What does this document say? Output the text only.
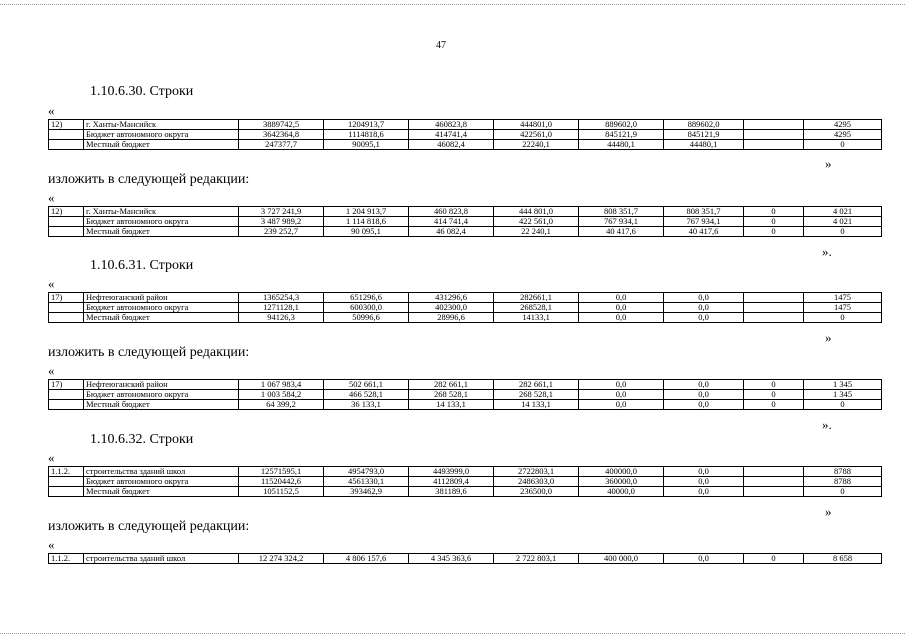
47
1.10.6.30. Строки
«
12)	г. Ханты-Мансийск	3889742,5	1204913,7	460823,8	444801,0	889602,0	889602,0		4295
	Бюджет автономного округа	3642364,8	1114818,6	414741,4	422561,0	845121,9	845121,9		4295
	Местный бюджет	247377,7	90095,1	46082,4	22240,1	44480,1	44480,1		0
»
изложить в следующей редакции:
«
12)	г. Ханты-Мансийск	3 727 241,9	1 204 913,7	460 823,8	444 801,0	808 351,7	808 351,7	0	4 021
	Бюджет автономного округа	3 487 989,2	1 114 818,6	414 741,4	422 561,0	767 934,1	767 934,1	0	4 021
	Местный бюджет	239 252,7	90 095,1	46 082,4	22 240,1	40 417,6	40 417,6	0	0
».
1.10.6.31. Строки
«
17)	Нефтеюганский район	1365254,3	651296,6	431296,6	282661,1	0,0	0,0		1475
	Бюджет автономного округа	1271128,1	600300,0	402300,0	268528,1	0,0	0,0		1475
	Местный бюджет	94126,3	50996,6	28996,6	14133,1	0,0	0,0		0
»
изложить в следующей редакции:
«
17)	Нефтеюганский район	1 067 983,4	502 661,1	282 661,1	282 661,1	0,0	0,0	0	1 345
	Бюджет автономного округа	1 003 584,2	466 528,1	268 528,1	268 528,1	0,0	0,0	0	1 345
	Местный бюджет	64 399,2	36 133,1	14 133,1	14 133,1	0,0	0,0	0	0
».
1.10.6.32. Строки
«
1.1.2.	строительства зданий школ	12571595,1	4954793,0	4493999,0	2722803,1	400000,0	0,0		8788
	Бюджет автономного округа	11520442,6	4561330,1	4112809,4	2486303,0	360000,0	0,0		8788
	Местный бюджет	1051152,5	393462,9	381189,6	236500,0	40000,0	0,0		0
»
изложить в следующей редакции:
«
1.1.2.	строительства зданий школ	12 274 324,2	4 806 157,6	4 345 363,6	2 722 803,1	400 000,0	0,0	0	8 658
